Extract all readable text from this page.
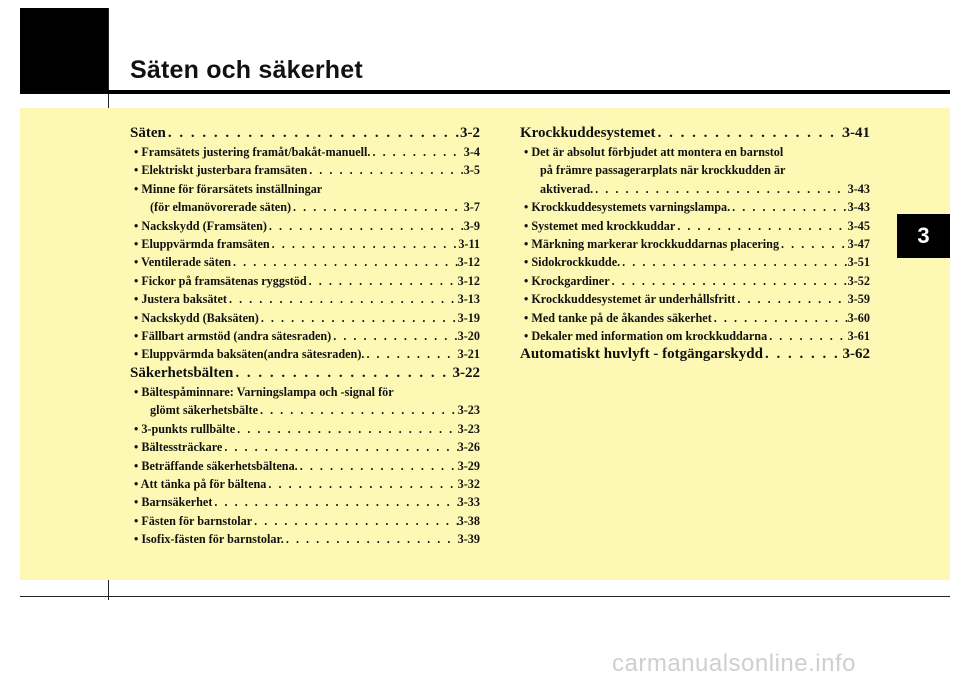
Säten och säkerhet
3
Säten . . .	3-2
• Framsätets justering framåt/bakåt-manuell. . . .	3-4
• Elektriskt justerbara framsäten . . .	3-5
• Minne för förarsätets inställningar
(för elmanövorerade säten) . . .	3-7
• Nackskydd (Framsäten) . . .	3-9
• Eluppvärmda framsäten . . .	3-11
• Ventilerade säten . . .	3-12
• Fickor på framsätenas ryggstöd . . .	3-12
• Justera baksätet . . .	3-13
• Nackskydd (Baksäten) . . .	3-19
• Fällbart armstöd (andra sätesraden) . . .	3-20
• Eluppvärmda baksäten(andra sätesraden). . . .	3-21
Säkerhetsbälten . . .	3-22
• Bältespåminnare: Varningslampa och -signal för
glömt säkerhetsbälte . . .	3-23
• 3-punkts rullbälte . . .	3-23
• Bältessträckare . . .	3-26
• Beträffande säkerhetsbältena. . . .	3-29
• Att tänka på för bältena . . .	3-32
• Barnsäkerhet . . .	3-33
• Fästen för barnstolar . . .	3-38
• Isofix-fästen för barnstolar. . . .	3-39
Krockkuddesystemet . . .	3-41
• Det är absolut förbjudet att montera en barnstol
på främre passagerarplats när krockkudden är
aktiverad. . . .	3-43
• Krockkuddesystemets varningslampa. . . .	3-43
• Systemet med krockkuddar . . .	3-45
• Märkning markerar krockkuddarnas placering . . .	3-47
• Sidokrockkudde. . . .	3-51
• Krockgardiner . . .	3-52
• Krockkuddesystemet är underhållsfritt . . .	3-59
• Med tanke på de åkandes säkerhet . . .	3-60
• Dekaler med information om krockkuddarna . . .	3-61
Automatiskt huvlyft - fotgängarskydd . . .	3-62
carmanualsonline.info
